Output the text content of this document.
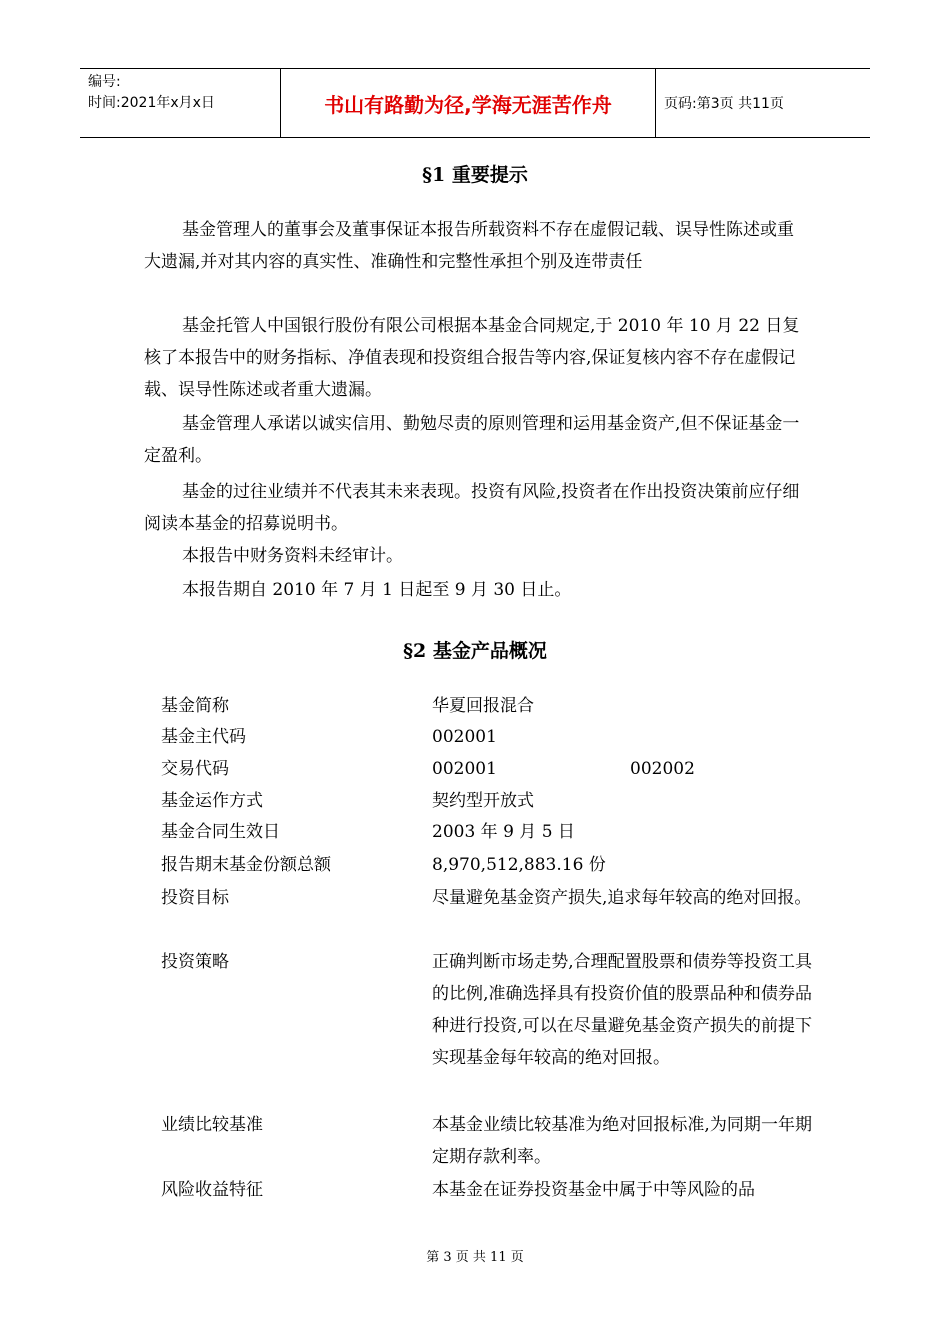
编号:
时间:2021年x月x日	书山有路勤为径,学海无涯苦作舟	页码:第3页 共11页
§1 重要提示

基金管理人的董事会及董事保证本报告所载资料不存在虚假记载、误导性陈述或重大遗漏,并对其内容的真实性、准确性和完整性承担个别及连带责任

基金托管人中国银行股份有限公司根据本基金合同规定,于 2010 年 10 月 22 日复核了本报告中的财务指标、净值表现和投资组合报告等内容,保证复核内容不存在虚假记载、误导性陈述或者重大遗漏。

基金管理人承诺以诚实信用、勤勉尽责的原则管理和运用基金资产,但不保证基金一定盈利。

基金的过往业绩并不代表其未来表现。投资有风险,投资者在作出投资决策前应仔细阅读本基金的招募说明书。

本报告中财务资料未经审计。

本报告期自 2010 年 7 月 1 日起至 9 月 30 日止。

§2 基金产品概况
基金简称	华夏回报混合
基金主代码	002001
交易代码	002001	002002
基金运作方式	契约型开放式
基金合同生效日	2003 年 9 月 5 日
报告期末基金份额总额	8,970,512,883.16 份
投资目标	尽量避免基金资产损失,追求每年较高的绝对回报。
投资策略	正确判断市场走势,合理配置股票和债券等投资工具的比例,准确选择具有投资价值的股票品种和债券品种进行投资,可以在尽量避免基金资产损失的前提下实现基金每年较高的绝对回报。
业绩比较基准	本基金业绩比较基准为绝对回报标准,为同期一年期定期存款利率。
风险收益特征	本基金在证券投资基金中属于中等风险的品
第 3 页 共 11 页
